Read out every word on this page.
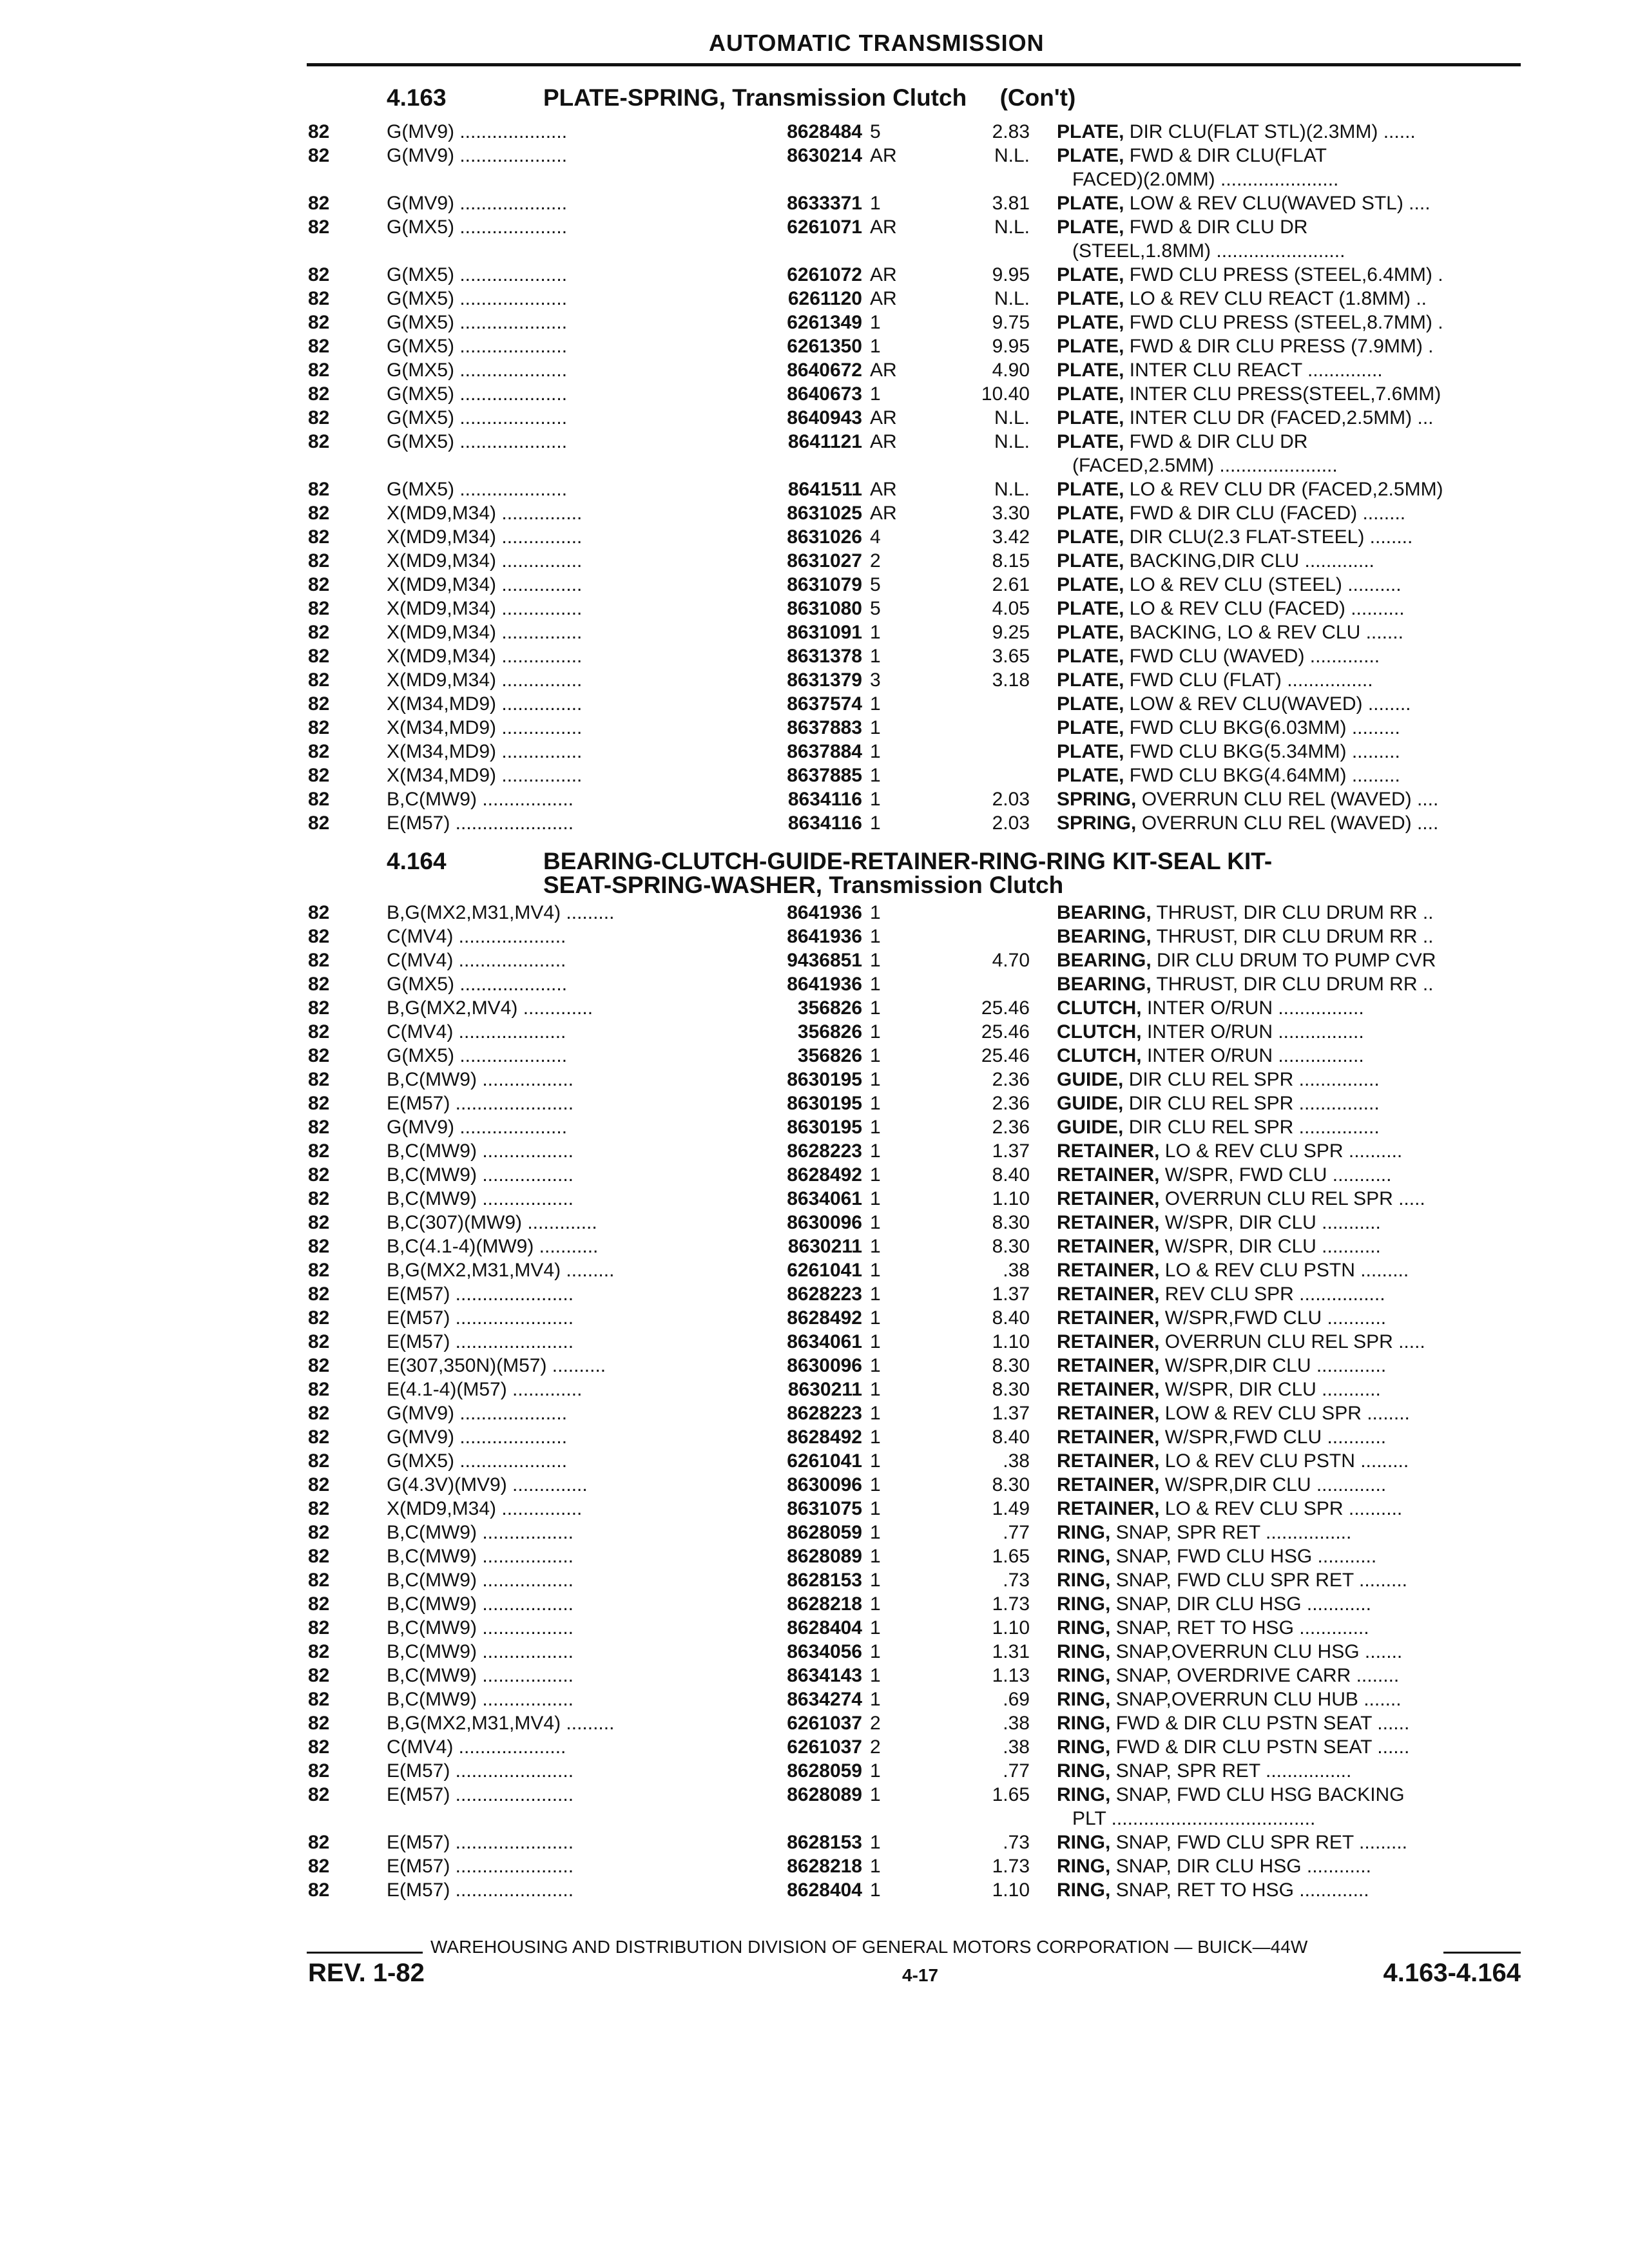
AUTOMATIC TRANSMISSION
4.163	PLATE-SPRING, Transmission Clutch (Con't)
4.164	BEARING-CLUTCH-GUIDE-RETAINER-RING-RING KIT-SEAL KIT-
SEAT-SPRING-WASHER, Transmission Clutch
82	G(MV9) ....................	8628484 5	2.83 PLATE, DIR CLU(FLAT STL)(2.3MM) ......
82	G(MV9) ....................	8630214 AR	N.L. PLATE, FWD & DIR CLU(FLAT
FACED)(2.0MM) ......................
82	G(MV9) ....................	8633371 1	3.81 PLATE, LOW & REV CLU(WAVED STL) ....
82	G(MX5) ....................	6261071 AR	N.L. PLATE, FWD & DIR CLU DR
(STEEL,1.8MM) ........................
82	G(MX5) ....................	6261072 AR	9.95 PLATE, FWD CLU PRESS (STEEL,6.4MM) .
82	G(MX5) ....................	6261120 AR	N.L. PLATE, LO & REV CLU REACT (1.8MM) ..
82	G(MX5) ....................	6261349 1	9.75 PLATE, FWD CLU PRESS (STEEL,8.7MM) .
82	G(MX5) ....................	6261350 1	9.95 PLATE, FWD & DIR CLU PRESS (7.9MM) .
82	G(MX5) ....................	8640672 AR	4.90 PLATE, INTER CLU REACT ..............
82	G(MX5) ....................	8640673 1	10.40 PLATE, INTER CLU PRESS(STEEL,7.6MM)
82	G(MX5) ....................	8640943 AR	N.L. PLATE, INTER CLU DR (FACED,2.5MM) ...
82	G(MX5) ....................	8641121 AR	N.L. PLATE, FWD & DIR CLU DR
(FACED,2.5MM) ......................
82	G(MX5) ....................	8641511 AR	N.L. PLATE, LO & REV CLU DR (FACED,2.5MM)
82	X(MD9,M34) ...............	8631025 AR	3.30 PLATE, FWD & DIR CLU (FACED) ........
82	X(MD9,M34) ...............	8631026 4	3.42 PLATE, DIR CLU(2.3 FLAT-STEEL) ........
82	X(MD9,M34) ...............	8631027 2	8.15 PLATE, BACKING,DIR CLU .............
82	X(MD9,M34) ...............	8631079 5	2.61 PLATE, LO & REV CLU (STEEL) ..........
82	X(MD9,M34) ...............	8631080 5	4.05 PLATE, LO & REV CLU (FACED) ..........
82	X(MD9,M34) ...............	8631091 1	9.25 PLATE, BACKING, LO & REV CLU .......
82	X(MD9,M34) ...............	8631378 1	3.65 PLATE, FWD CLU (WAVED) .............
82	X(MD9,M34) ...............	8631379 3	3.18 PLATE, FWD CLU (FLAT) ................
82	X(M34,MD9) ...............	8637574 1	PLATE, LOW & REV CLU(WAVED) ........
82	X(M34,MD9) ...............	8637883 1	PLATE, FWD CLU BKG(6.03MM) .........
82	X(M34,MD9) ...............	8637884 1	PLATE, FWD CLU BKG(5.34MM) .........
82	X(M34,MD9) ...............	8637885 1	PLATE, FWD CLU BKG(4.64MM) .........
82	B,C(MW9) .................	8634116 1	2.03 SPRING, OVERRUN CLU REL (WAVED) ....
82	E(M57) ......................	8634116 1	2.03 SPRING, OVERRUN CLU REL (WAVED) ....
82	B,G(MX2,M31,MV4) .........	8641936 1	BEARING, THRUST, DIR CLU DRUM RR ..
82	C(MV4) ....................	8641936 1	BEARING, THRUST, DIR CLU DRUM RR ..
82	C(MV4) ....................	9436851 1	4.70 BEARING, DIR CLU DRUM TO PUMP CVR
82	G(MX5) ....................	8641936 1	BEARING, THRUST, DIR CLU DRUM RR ..
82	B,G(MX2,MV4) .............	356826 1	25.46 CLUTCH, INTER O/RUN ................
82	C(MV4) ....................	356826 1	25.46 CLUTCH, INTER O/RUN ................
82	G(MX5) ....................	356826 1	25.46 CLUTCH, INTER O/RUN ................
82	B,C(MW9) .................	8630195 1	2.36 GUIDE, DIR CLU REL SPR ...............
82	E(M57) ......................	8630195 1	2.36 GUIDE, DIR CLU REL SPR ...............
82	G(MV9) ....................	8630195 1	2.36 GUIDE, DIR CLU REL SPR ...............
82	B,C(MW9) .................	8628223 1	1.37 RETAINER, LO & REV CLU SPR ..........
82	B,C(MW9) .................	8628492 1	8.40 RETAINER, W/SPR, FWD CLU ...........
82	B,C(MW9) .................	8634061 1	1.10 RETAINER, OVERRUN CLU REL SPR .....
82	B,C(307)(MW9) .............	8630096 1	8.30 RETAINER, W/SPR, DIR CLU ...........
82	B,C(4.1-4)(MW9) ...........	8630211 1	8.30 RETAINER, W/SPR, DIR CLU ...........
82	B,G(MX2,M31,MV4) .........	6261041 1	.38 RETAINER, LO & REV CLU PSTN .........
82	E(M57) ......................	8628223 1	1.37 RETAINER, REV CLU SPR ................
82	E(M57) ......................	8628492 1	8.40 RETAINER, W/SPR,FWD CLU ...........
82	E(M57) ......................	8634061 1	1.10 RETAINER, OVERRUN CLU REL SPR .....
82	E(307,350N)(M57) ..........	8630096 1	8.30 RETAINER, W/SPR,DIR CLU .............
82	E(4.1-4)(M57) .............	8630211 1	8.30 RETAINER, W/SPR, DIR CLU ...........
82	G(MV9) ....................	8628223 1	1.37 RETAINER, LOW & REV CLU SPR ........
82	G(MV9) ....................	8628492 1	8.40 RETAINER, W/SPR,FWD CLU ...........
82	G(MX5) ....................	6261041 1	.38 RETAINER, LO & REV CLU PSTN .........
82	G(4.3V)(MV9) ..............	8630096 1	8.30 RETAINER, W/SPR,DIR CLU .............
82	X(MD9,M34) ...............	8631075 1	1.49 RETAINER, LO & REV CLU SPR ..........
82	B,C(MW9) .................	8628059 1	.77 RING, SNAP, SPR RET ................
82	B,C(MW9) .................	8628089 1	1.65 RING, SNAP, FWD CLU HSG ...........
82	B,C(MW9) .................	8628153 1	.73 RING, SNAP, FWD CLU SPR RET .........
82	B,C(MW9) .................	8628218 1	1.73 RING, SNAP, DIR CLU HSG ............
82	B,C(MW9) .................	8628404 1	1.10 RING, SNAP, RET TO HSG .............
82	B,C(MW9) .................	8634056 1	1.31 RING, SNAP,OVERRUN CLU HSG .......
82	B,C(MW9) .................	8634143 1	1.13 RING, SNAP, OVERDRIVE CARR ........
82	B,C(MW9) .................	8634274 1	.69 RING, SNAP,OVERRUN CLU HUB .......
82	B,G(MX2,M31,MV4) .........	6261037 2	.38 RING, FWD & DIR CLU PSTN SEAT ......
82	C(MV4) ....................	6261037 2	.38 RING, FWD & DIR CLU PSTN SEAT ......
82	E(M57) ......................	8628059 1	.77 RING, SNAP, SPR RET ................
82	E(M57) ......................	8628089 1	1.65 RING, SNAP, FWD CLU HSG BACKING
PLT ......................................
82	E(M57) ......................	8628153 1	.73 RING, SNAP, FWD CLU SPR RET .........
82	E(M57) ......................	8628218 1	1.73 RING, SNAP, DIR CLU HSG ............
82	E(M57) ......................	8628404 1	1.10 RING, SNAP, RET TO HSG .............
WAREHOUSING AND DISTRIBUTION DIVISION OF GENERAL MOTORS CORPORATION — BUICK—44W
REV. 1-82	4-17	4.163-4.164
